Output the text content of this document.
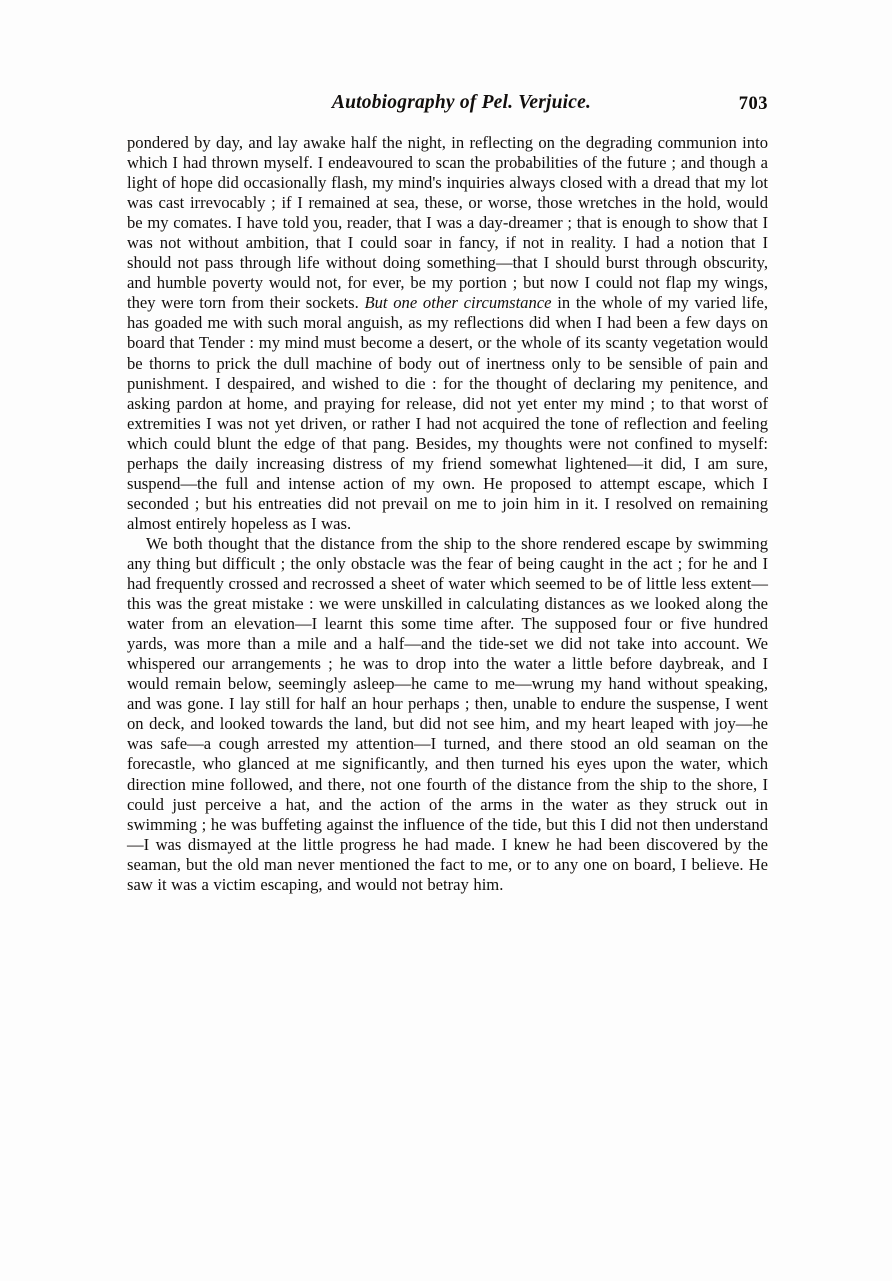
Autobiography of Pel. Verjuice.	703

pondered by day, and lay awake half the night, in reflecting on the degrading communion into which I had thrown myself. I endeavoured to scan the probabilities of the future ; and though a light of hope did occasionally flash, my mind's inquiries always closed with a dread that my lot was cast irrevocably ; if I remained at sea, these, or worse, those wretches in the hold, would be my comates. I have told you, reader, that I was a day-dreamer ; that is enough to show that I was not without ambition, that I could soar in fancy, if not in reality. I had a notion that I should not pass through life without doing something—that I should burst through obscurity, and humble poverty would not, for ever, be my portion ; but now I could not flap my wings, they were torn from their sockets. But one other circumstance in the whole of my varied life, has goaded me with such moral anguish, as my reflections did when I had been a few days on board that Tender : my mind must become a desert, or the whole of its scanty vegetation would be thorns to prick the dull machine of body out of inertness only to be sensible of pain and punishment. I despaired, and wished to die : for the thought of declaring my penitence, and asking pardon at home, and praying for release, did not yet enter my mind ; to that worst of extremities I was not yet driven, or rather I had not acquired the tone of reflection and feeling which could blunt the edge of that pang. Besides, my thoughts were not confined to myself: perhaps the daily increasing distress of my friend somewhat lightened—it did, I am sure, suspend—the full and intense action of my own. He proposed to attempt escape, which I seconded ; but his entreaties did not prevail on me to join him in it. I resolved on remaining almost entirely hopeless as I was.

We both thought that the distance from the ship to the shore rendered escape by swimming any thing but difficult ; the only obstacle was the fear of being caught in the act ; for he and I had frequently crossed and recrossed a sheet of water which seemed to be of little less extent—this was the great mistake : we were unskilled in calculating distances as we looked along the water from an elevation—I learnt this some time after. The supposed four or five hundred yards, was more than a mile and a half—and the tide-set we did not take into account. We whispered our arrangements ; he was to drop into the water a little before daybreak, and I would remain below, seemingly asleep—he came to me—wrung my hand without speaking, and was gone. I lay still for half an hour perhaps ; then, unable to endure the suspense, I went on deck, and looked towards the land, but did not see him, and my heart leaped with joy—he was safe—a cough arrested my attention—I turned, and there stood an old seaman on the forecastle, who glanced at me significantly, and then turned his eyes upon the water, which direction mine followed, and there, not one fourth of the distance from the ship to the shore, I could just perceive a hat, and the action of the arms in the water as they struck out in swimming ; he was buffeting against the influence of the tide, but this I did not then understand—I was dismayed at the little progress he had made. I knew he had been discovered by the seaman, but the old man never mentioned the fact to me, or to any one on board, I believe. He saw it was a victim escaping, and would not betray him.
